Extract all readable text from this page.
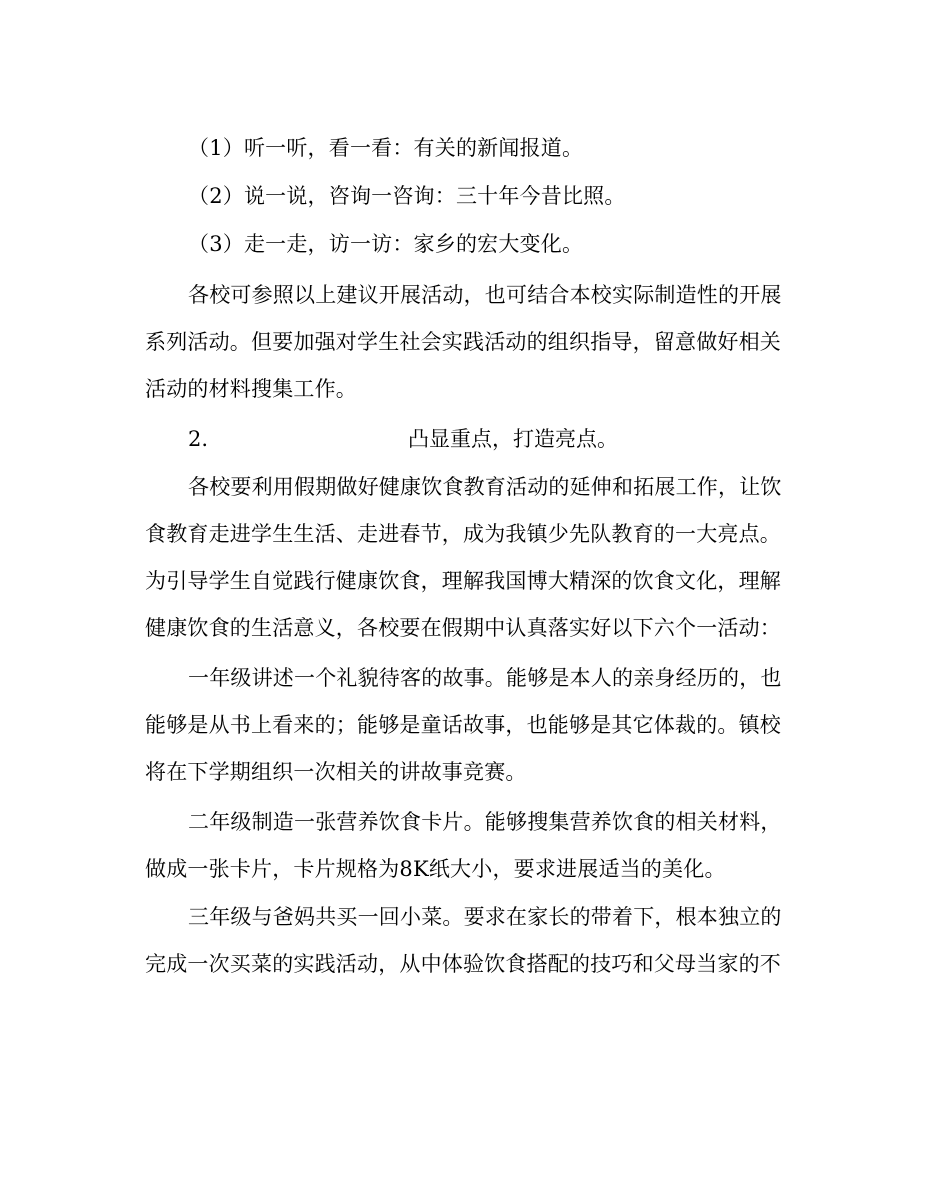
（1）听一听，看一看：有关的新闻报道。
（2）说一说，咨询一咨询：三十年今昔比照。
（3）走一走，访一访：家乡的宏大变化。
各校可参照以上建议开展活动，也可结合本校实际制造性的开展
系列活动。但要加强对学生社会实践活动的组织指导，留意做好相关
活动的材料搜集工作。
2.	凸显重点，打造亮点。
各校要利用假期做好健康饮食教育活动的延伸和拓展工作，让饮
食教育走进学生生活、走进春节，成为我镇少先队教育的一大亮点。
为引导学生自觉践行健康饮食，理解我国博大精深的饮食文化，理解
健康饮食的生活意义，各校要在假期中认真落实好以下六个一活动：
一年级讲述一个礼貌待客的故事。能够是本人的亲身经历的，也
能够是从书上看来的；能够是童话故事，也能够是其它体裁的。镇校
将在下学期组织一次相关的讲故事竞赛。
二年级制造一张营养饮食卡片。能够搜集营养饮食的相关材料，
做成一张卡片，卡片规格为8K纸大小，要求进展适当的美化。
三年级与爸妈共买一回小菜。要求在家长的带着下，根本独立的
完成一次买菜的实践活动，从中体验饮食搭配的技巧和父母当家的不
